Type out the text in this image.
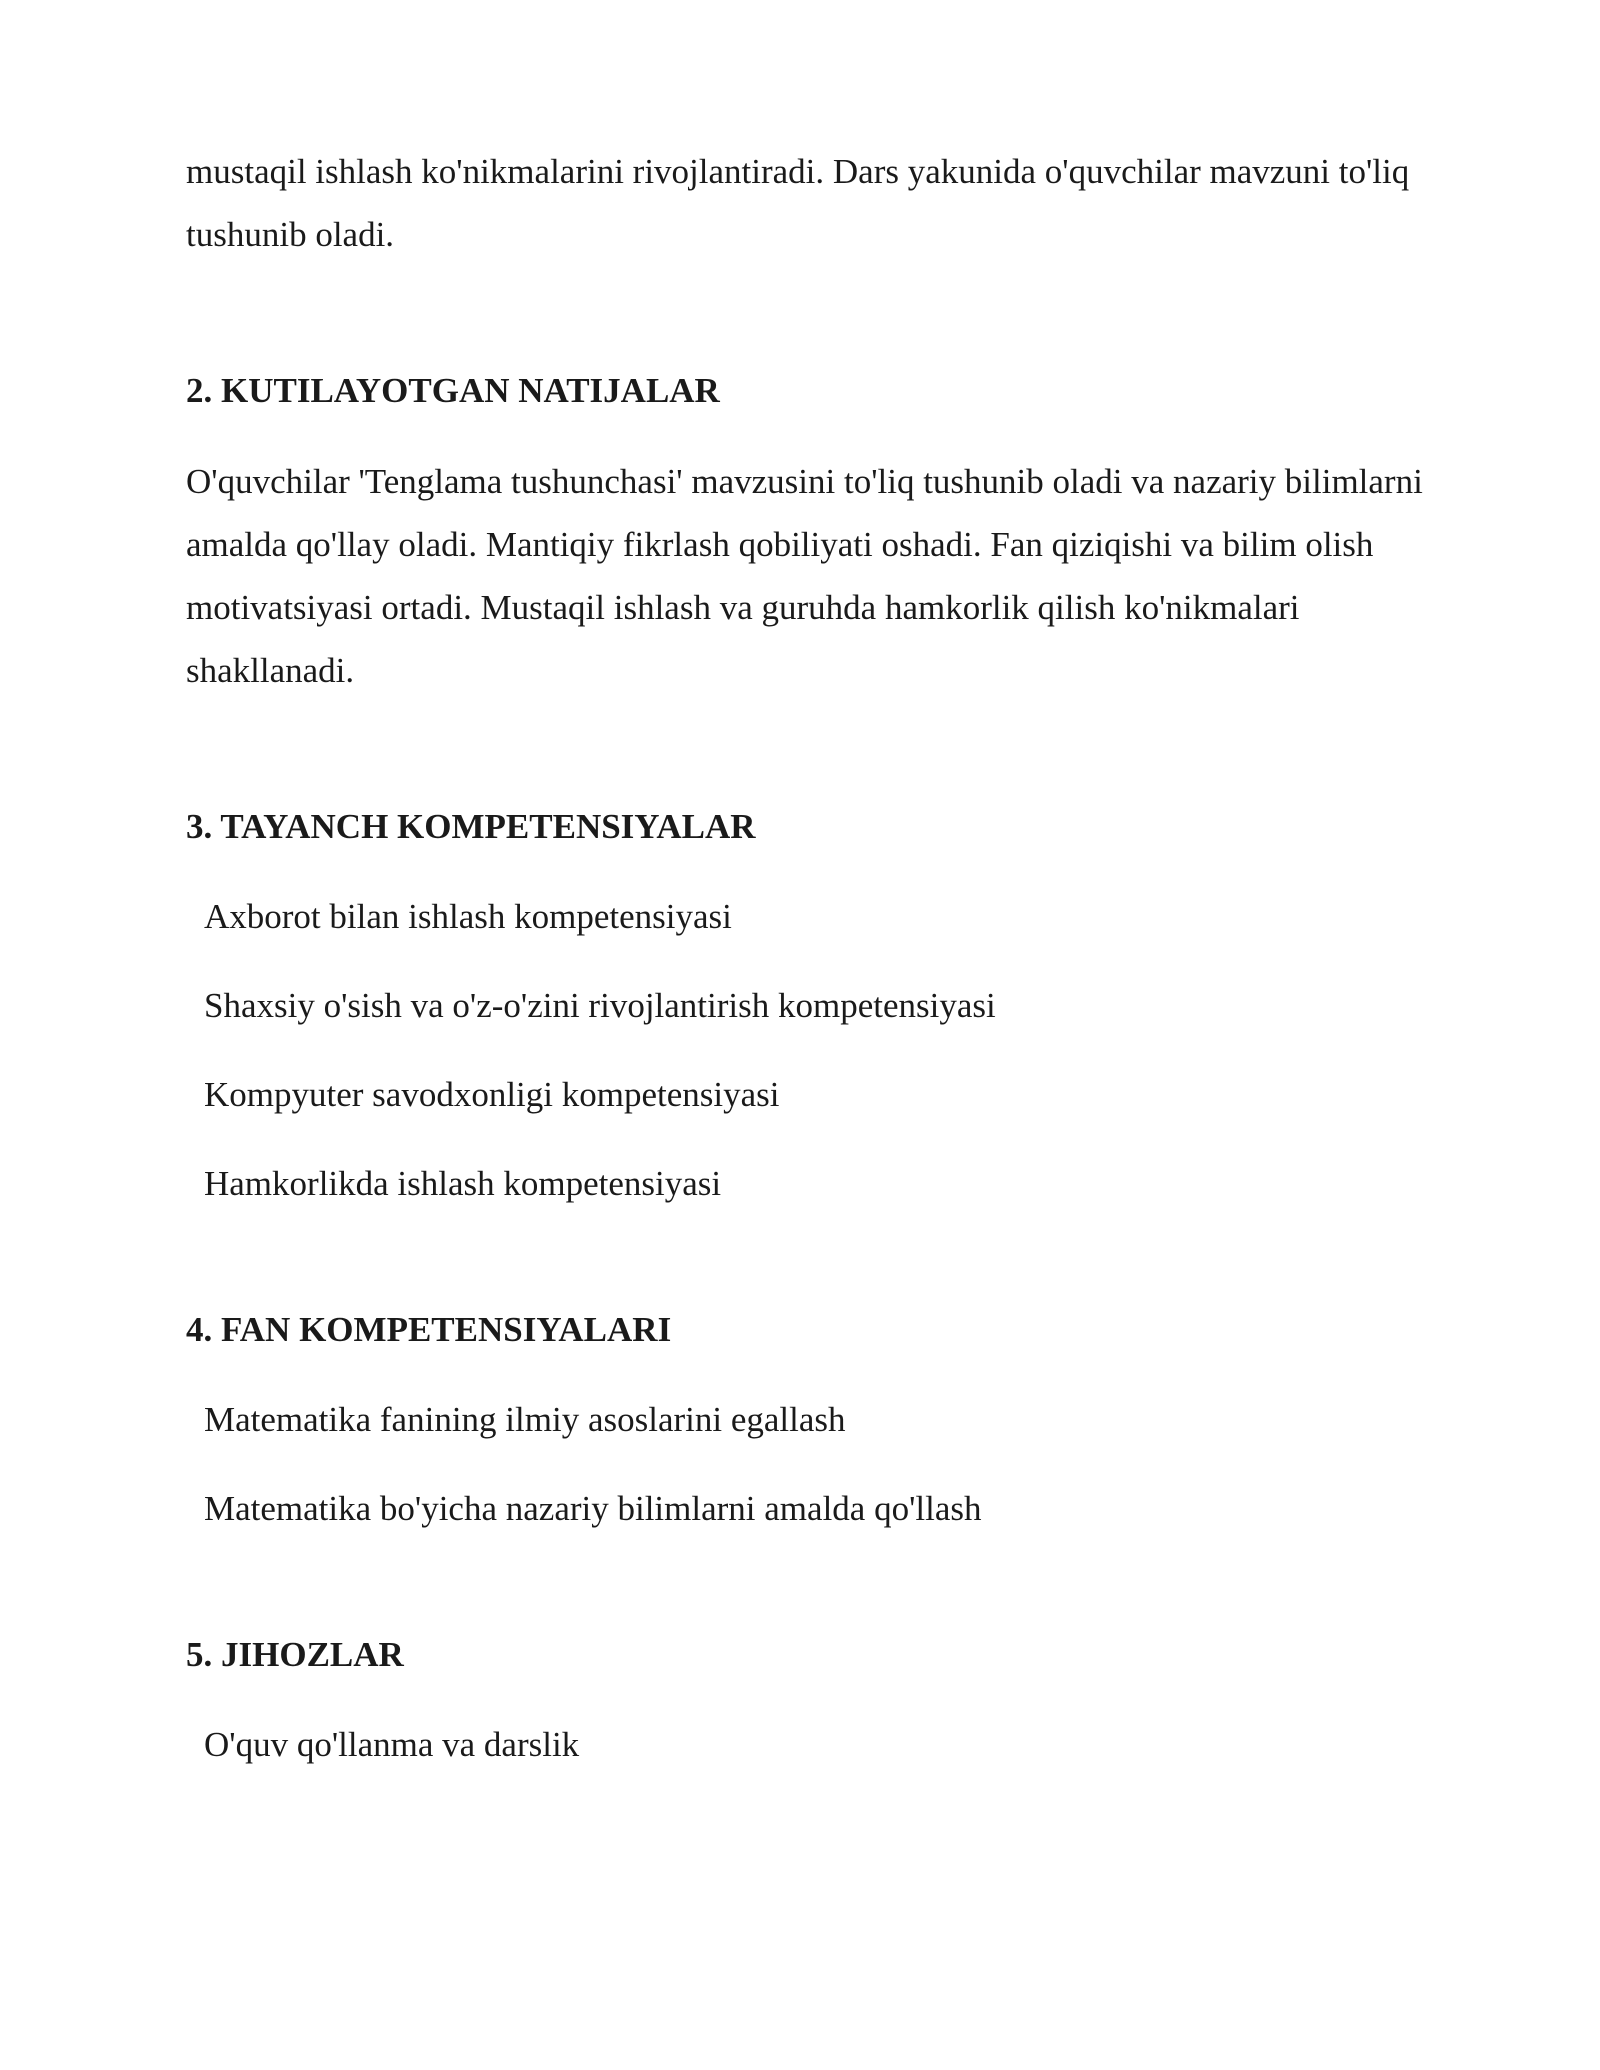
mustaqil ishlash ko'nikmalarini rivojlantiradi. Dars yakunida o'quvchilar mavzuni to'liq tushunib oladi.

2. KUTILAYOTGAN NATIJALAR

O'quvchilar 'Tenglama tushunchasi' mavzusini to'liq tushunib oladi va nazariy bilimlarni amalda qo'llay oladi. Mantiqiy fikrlash qobiliyati oshadi. Fan qiziqishi va bilim olish motivatsiyasi ortadi. Mustaqil ishlash va guruhda hamkorlik qilish ko'nikmalari shakllanadi.

3. TAYANCH KOMPETENSIYALAR

Axborot bilan ishlash kompetensiyasi

Shaxsiy o'sish va o'z-o'zini rivojlantirish kompetensiyasi

Kompyuter savodxonligi kompetensiyasi

Hamkorlikda ishlash kompetensiyasi

4. FAN KOMPETENSIYALARI

Matematika fanining ilmiy asoslarini egallash

Matematika bo'yicha nazariy bilimlarni amalda qo'llash

5. JIHOZLAR

O'quv qo'llanma va darslik
